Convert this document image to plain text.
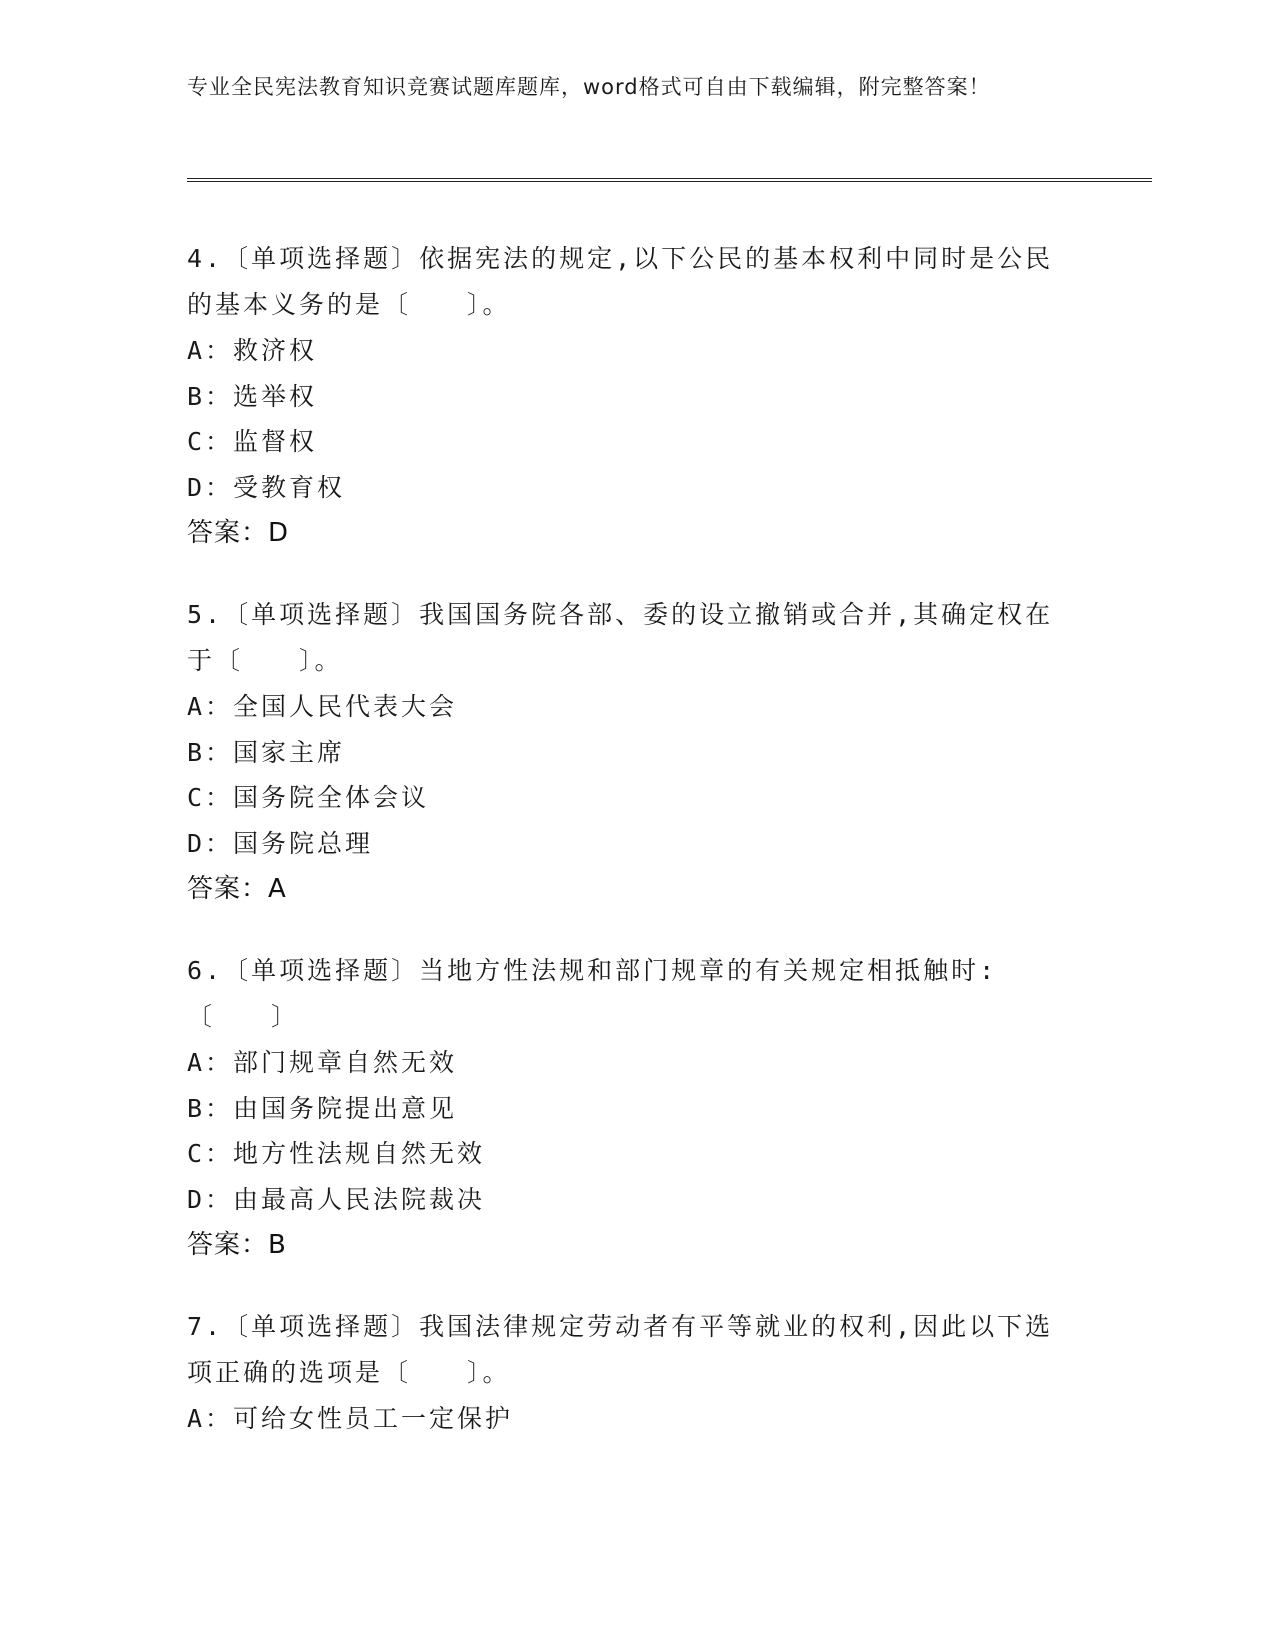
专业全民宪法教育知识竞赛试题库题库，word格式可自由下载编辑，附完整答案！
4.〔单项选择题〕依据宪法的规定,以下公民的基本权利中同时是公民的基本义务的是〔　　〕。
A：救济权
B：选举权
C：监督权
D：受教育权
答案：D
5.〔单项选择题〕我国国务院各部、委的设立撤销或合并,其确定权在于〔　　〕。
A：全国人民代表大会
B：国家主席
C：国务院全体会议
D：国务院总理
答案：A
6.〔单项选择题〕当地方性法规和部门规章的有关规定相抵触时:〔　　〕
A：部门规章自然无效
B：由国务院提出意见
C：地方性法规自然无效
D：由最高人民法院裁决
答案：B
7.〔单项选择题〕我国法律规定劳动者有平等就业的权利,因此以下选项正确的选项是〔　　〕。
A：可给女性员工一定保护
